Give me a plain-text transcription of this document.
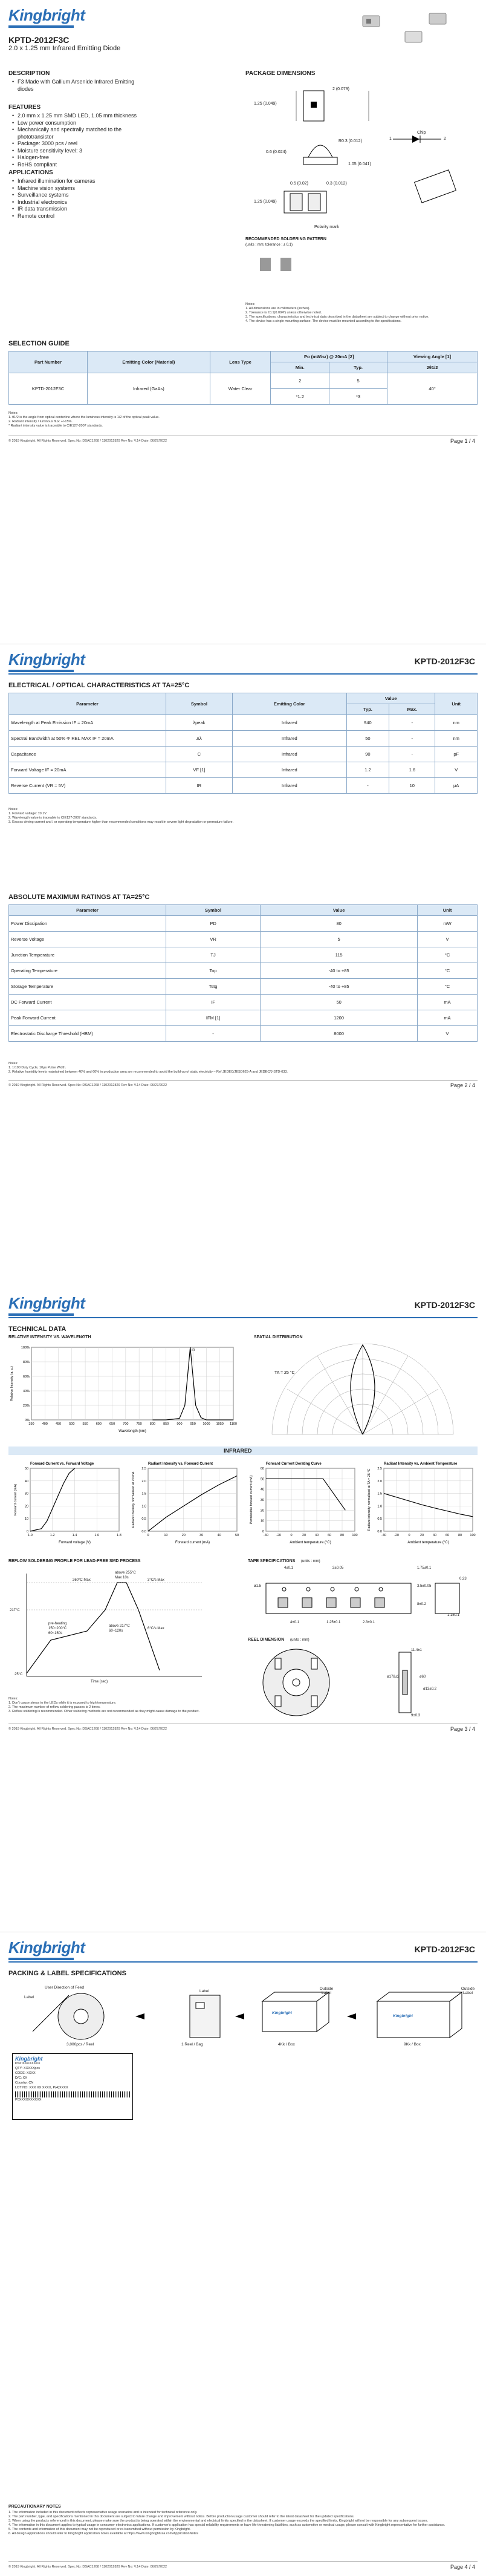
Kingbright
KPTD-2012F3C
2.0 x 1.25 mm Infrared Emitting Diode
DESCRIPTION
• F3 Made with Gallium Arsenide Infrared Emitting diodes
FEATURES
• 2.0 mm x 1.25 mm SMD LED, 1.05 mm thickness
• Low power consumption
• Mechanically and spectrally matched to the phototransistor
• Package: 3000 pcs / reel
• Moisture sensitivity level: 3
• Halogen-free
• RoHS compliant
APPLICATIONS
• Infrared illumination for cameras
• Machine vision systems
• Surveillance systems
• Industrial electronics
• IR data transmission
• Remote control
PACKAGE DIMENSIONS
1.25 (0.049)
2 (0.079)
0.6 (0.024)
R0.3 (0.012)
0.5 (0.02)	0.3 (0.012)
1.25 (0.049)
1.05 (0.041)
Chip
1	2
Polarity mark
RECOMMENDED SOLDERING PATTERN
(units : mm; tolerance : ± 0.1)
Notes:
1. All dimensions are in millimeters (inches).
2. Tolerance is ±0.1(0.004") unless otherwise noted.
3. The specifications, characteristics and technical data described in the datasheet are subject to change without prior notice.
4. The device has a single mounting surface. The device must be mounted according to the specifications.
SELECTION GUIDE
Part Number	Emitting Color (Material)	Lens Type	Po (mW/sr) @ 20mA [2]		Viewing Angle [1]
			Min.	Typ.	2θ1/2
KPTD-2012F3C	Infrared (GaAs)	Water Clear	2	5	40°
			*1.2	*3	
Notes:
1. θ1/2 is the angle from optical centerline where the luminous intensity is 1/2 of the optical peak value.
2. Radiant Intensity / luminous flux: +/-15%.
* Radiant intensity value is traceable to CIE127-2007 standards.
© 2019 Kingbright. All Rights Reserved. Spec No: DSAC1268 / 1102012829 Rev No: V.14 Date: 06/27/2022	Page 1 / 4
Kingbright	KPTD-2012F3C
ELECTRICAL / OPTICAL CHARACTERISTICS AT TA=25°C
Parameter	Symbol	Emitting Color	Value		Unit
			Typ.	Max.	
Wavelength at Peak Emission IF = 20mA	λpeak	Infrared	940	-	nm
Spectral Bandwidth at 50% Φ REL MAX IF = 20mA	Δλ	Infrared	50	-	nm
Capacitance	C	Infrared	90	-	pF
Forward Voltage IF = 20mA	VF [1]	Infrared	1.2	1.6	V
Reverse Current (VR = 5V)	IR	Infrared	-	10	μA
Notes:
1. Forward voltage: ±0.1V.
2. Wavelength value is traceable to CIE127-2007 standards.
3. Excess driving current and / or operating temperature higher than recommended conditions may result in severe light degradation or premature failure.
ABSOLUTE MAXIMUM RATINGS AT TA=25°C
Parameter	Symbol	Value	Unit
Power Dissipation	PD	80	mW
Reverse Voltage	VR	5	V
Junction Temperature	TJ	115	°C
Operating Temperature	Top	-40 to +85	°C
Storage Temperature	Tstg	-40 to +85	°C
DC Forward Current	IF	50	mA
Peak Forward Current	IFM [1]	1200	mA
Electrostatic Discharge Threshold (HBM)	-	8000	V
Notes:
1. 1/100 Duty Cycle, 10μs Pulse Width.
2. Relative humidity levels maintained between 40% and 60% in production area are recommended to avoid the build-up of static electricity – Ref JEDEC/JESD625-A and JEDEC/J-STD-033.
© 2019 Kingbright. All Rights Reserved. Spec No: DSAC1268 / 1102012829 Rev No: V.14 Date: 06/27/2022	Page 2 / 4
Kingbright	KPTD-2012F3C
TECHNICAL DATA
RELATIVE INTENSITY VS. WAVELENGTH	SPATIAL DISTRIBUTION
350 400 450 500 550 600 650 700 750 800 850 900 950 1000 1050 1100
0%
20%
40%
60%
80%
100%
Wavelength (nm)
Relative Intensity (a. u.)
IR
TA = 25 °C
INFRARED
1.0	1.2	1.4	1.6	1.8
0
10
20
30
40
50
Forward voltage (V)
Forward current (mA)
Forward Current vs. Forward Voltage
0	10	20	30	40	50
0.0
0.5
1.0
1.5
2.0
2.5
Forward current (mA)
Radiant Intensity normalised at 20 mA
Radiant Intensity vs. Forward Current
-40 -20	0	20	40	60	80 100
0
10
20
30
40
50
60
Ambient temperature (°C)
Permissible forward current (mA)
Forward Current Derating Curve
-40 -20	0	20	40	60	80 100
0.0
0.5
1.0
1.5
2.0
2.5
Ambient temperature (°C)
Radiant intensity normalised at TA = 25 °C
Radiant Intensity vs. Ambient Temperature
REFLOW SOLDERING PROFILE FOR LEAD-FREE SMD PROCESS
above 255°C
Max 10s
260°C Max	3°C/s Max
217°C
pre-heating
above 217°C
150~200°C
60~150s
60~120s
6°C/s Max
25°C
Time (sec)
Notes:
1. Don't cause stress to the LEDs while it is exposed to high temperature.
2. The maximum number of reflow soldering passes is 2 times.
3. Reflow soldering is recommended. Other soldering methods are not recommended as they might cause damage to the product.
TAPE SPECIFICATIONS (units : mm)
4±0.1	2±0.05	1.75±0.1
3.5±0.05
8±0.2
4±0.1
ø1.5
0.23
1.25±0.1	2.3±0.1
1.1±0.1
REEL DIMENSION (units : mm)
11.4±1
ø178±2	ø60
ø13±0.2
9±0.3
© 2019 Kingbright. All Rights Reserved. Spec No: DSAC1268 / 1102012829 Rev No: V.14 Date: 06/27/2022	Page 3 / 4
Kingbright	KPTD-2012F3C
PACKING & LABEL SPECIFICATIONS
User Direction of Feed
Label
3,000pcs / Reel
Label
1 Reel / Bag	4Kk / Box
Outside Label
9Kk / Box
Outside Label
Kingbright
Kingbright
Kingbright
P/N: KXXXXXXX
QTY: XXXXXpcs
CODE: XXXX
D/C: XX
Country: CN
LOT NO: XXX XX XXXX, P(4)XXXX
P0XXXXXXXXXX
PRECAUTIONARY NOTES
1. The information included in this document reflects representative usage scenarios and is intended for technical reference only.
2. The part number, type, and specifications mentioned in this document are subject to future change and improvement without notice. Before production usage customer should refer to the latest datasheet for the updated specifications.
3. When using the products referenced in this document, please make sure the product is being operated within the environmental and electrical limits specified in the datasheet. If customer usage exceeds the specified limits, Kingbright will not be responsible for any subsequent issues.
4. The information in this document applies to typical usage in consumer electronics applications. If customer's application has special reliability requirements or have life-threatening liabilities, such as automotive or medical usage, please consult with Kingbright representative for further assistance.
5. The contents and information of this document may not be reproduced or re-transmitted without permission by Kingbright.
6. All design applications should refer to Kingbright application notes available at https://www.kingbrightusa.com/ApplicationNotes
© 2019 Kingbright. All Rights Reserved. Spec No: DSAC1268 / 1102012829 Rev No: V.14 Date: 06/27/2022	Page 4 / 4
